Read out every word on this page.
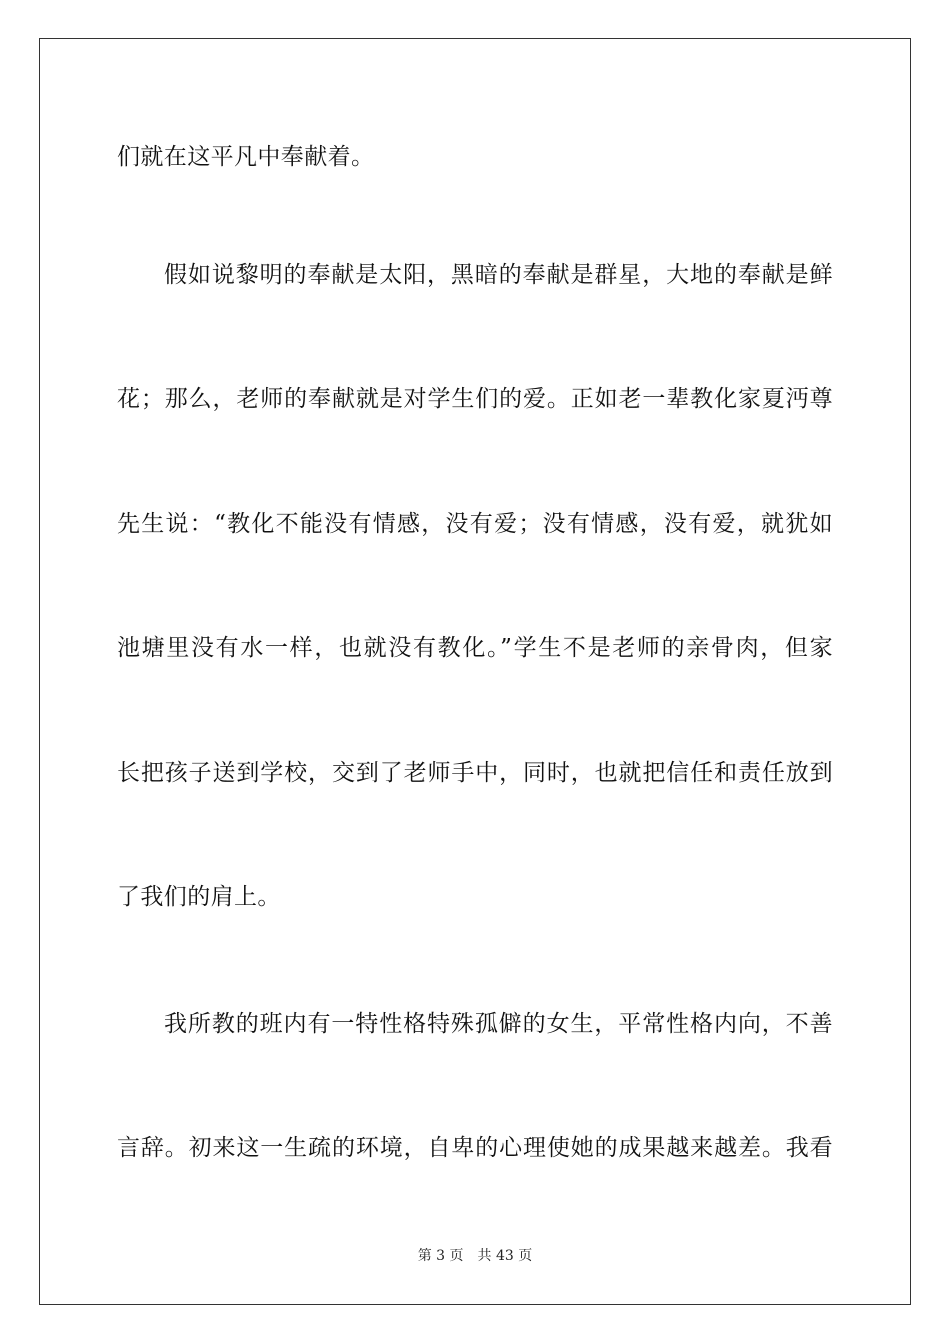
们就在这平凡中奉献着。
假如说黎明的奉献是太阳，黑暗的奉献是群星，大地的奉献是鲜
花；那么，老师的奉献就是对学生们的爱。正如老一辈教化家夏沔尊
先生说：“教化不能没有情感，没有爱；没有情感，没有爱，就犹如
池塘里没有水一样，也就没有教化。”学生不是老师的亲骨肉，但家
长把孩子送到学校，交到了老师手中，同时，也就把信任和责任放到
了我们的肩上。
我所教的班内有一特性格特殊孤僻的女生，平常性格内向，不善
言辞。初来这一生疏的环境，自卑的心理使她的成果越来越差。我看
第 3 页 共 43 页
